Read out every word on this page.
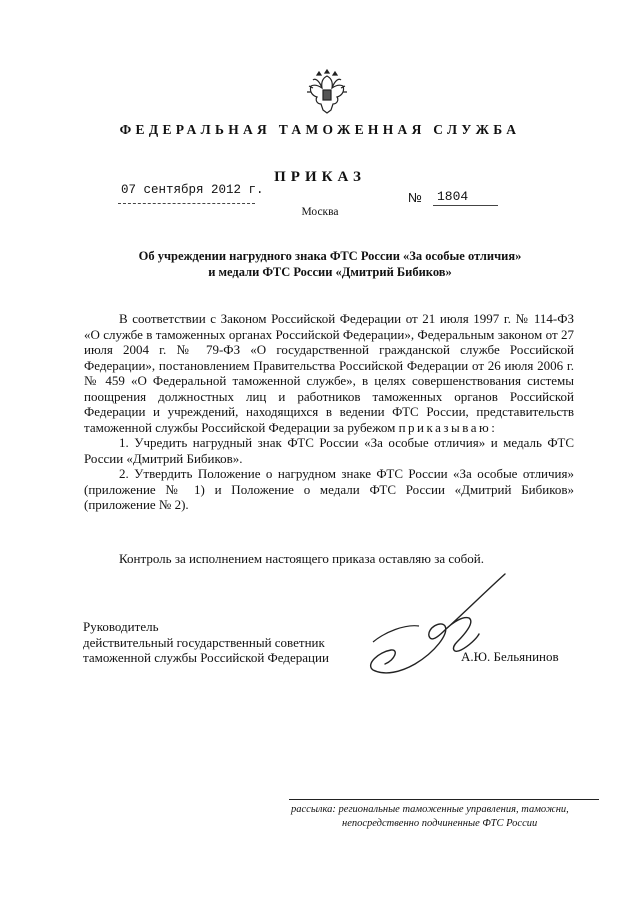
ФЕДЕРАЛЬНАЯ ТАМОЖЕННАЯ СЛУЖБА
ПРИКАЗ
07 сентября 2012 г.	№ 1804
Москва
Об учреждении нагрудного знака ФТС России «За особые отличия»
и медали ФТС России «Дмитрий Бибиков»

В соответствии с Законом Российской Федерации от 21 июля 1997 г. № 114-ФЗ «О службе в таможенных органах Российской Федерации», Федеральным законом от 27 июля 2004 г. № 79-ФЗ «О государственной гражданской службе Российской Федерации», постановлением Правительства Российской Федерации от 26 июля 2006 г. № 459 «О Федеральной таможенной службе», в целях совершенствования системы поощрения должностных лиц и работников таможенных органов Российской Федерации и учреждений, находящихся в ведении ФТС России, представительств таможенной службы Российской Федерации за рубежом приказываю:

1. Учредить нагрудный знак ФТС России «За особые отличия» и медаль ФТС России «Дмитрий Бибиков».

2. Утвердить Положение о нагрудном знаке ФТС России «За особые отличия» (приложение № 1) и Положение о медали ФТС России «Дмитрий Бибиков» (приложение № 2).

Контроль за исполнением настоящего приказа оставляю за собой.
Руководитель
действительный государственный советник
таможенной службы Российской Федерации	А.Ю. Бельянинов
рассылка: региональные таможенные управления, таможни,
непосредственно подчиненные ФТС России
